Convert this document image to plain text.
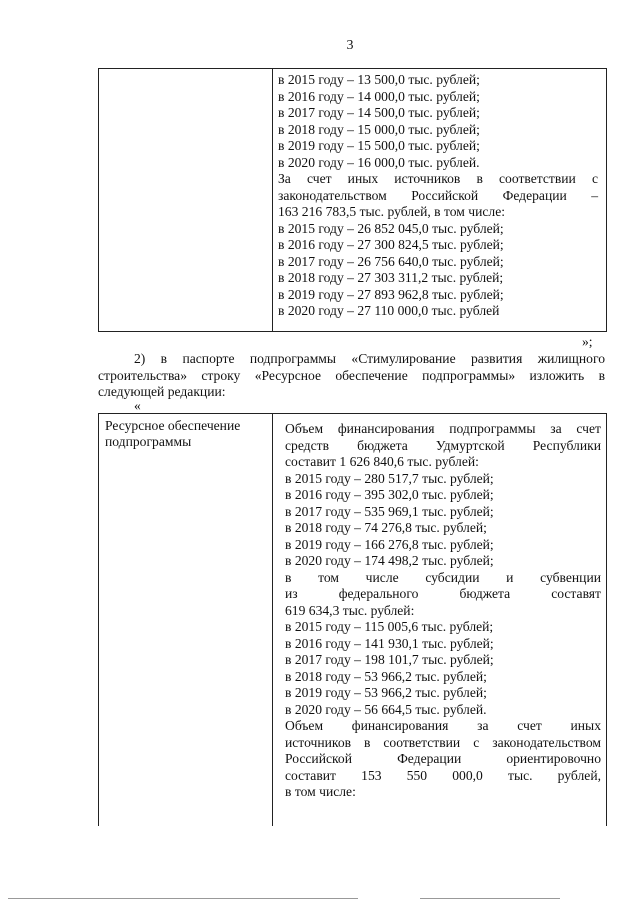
3
в 2015 году – 13 500,0 тыс. рублей;
в 2016 году – 14 000,0 тыс. рублей;
в 2017 году – 14 500,0 тыс. рублей;
в 2018 году – 15 000,0 тыс. рублей;
в 2019 году – 15 500,0 тыс. рублей;
в 2020 году – 16 000,0 тыс. рублей.
За счет иных источников в соответствии с
законодательством Российской Федерации –
163 216 783,5 тыс. рублей, в том числе:
в 2015 году – 26 852 045,0 тыс. рублей;
в 2016 году – 27 300 824,5 тыс. рублей;
в 2017 году – 26 756 640,0 тыс. рублей;
в 2018 году – 27 303 311,2 тыс. рублей;
в 2019 году – 27 893 962,8 тыс. рублей;
в 2020 году – 27 110 000,0 тыс. рублей
»;
2) в паспорте подпрограммы «Стимулирование развития жилищного
строительства» строку «Ресурсное обеспечение подпрограммы» изложить в
следующей редакции:
«
Ресурсное обеспечение подпрограммы
Объем финансирования подпрограммы за счет
средств бюджета Удмуртской Республики
составит 1 626 840,6 тыс. рублей:
в 2015 году – 280 517,7 тыс. рублей;
в 2016 году – 395 302,0 тыс. рублей;
в 2017 году – 535 969,1 тыс. рублей;
в 2018 году – 74 276,8 тыс. рублей;
в 2019 году – 166 276,8 тыс. рублей;
в 2020 году – 174 498,2 тыс. рублей;
в том числе субсидии и субвенции
из федерального бюджета составят
619 634,3 тыс. рублей:
в 2015 году – 115 005,6 тыс. рублей;
в 2016 году – 141 930,1 тыс. рублей;
в 2017 году – 198 101,7 тыс. рублей;
в 2018 году – 53 966,2 тыс. рублей;
в 2019 году – 53 966,2 тыс. рублей;
в 2020 году – 56 664,5 тыс. рублей.
Объем финансирования за счет иных
источников в соответствии с законодательством
Российской Федерации ориентировочно
составит 153 550 000,0 тыс. рублей,
в том числе:
